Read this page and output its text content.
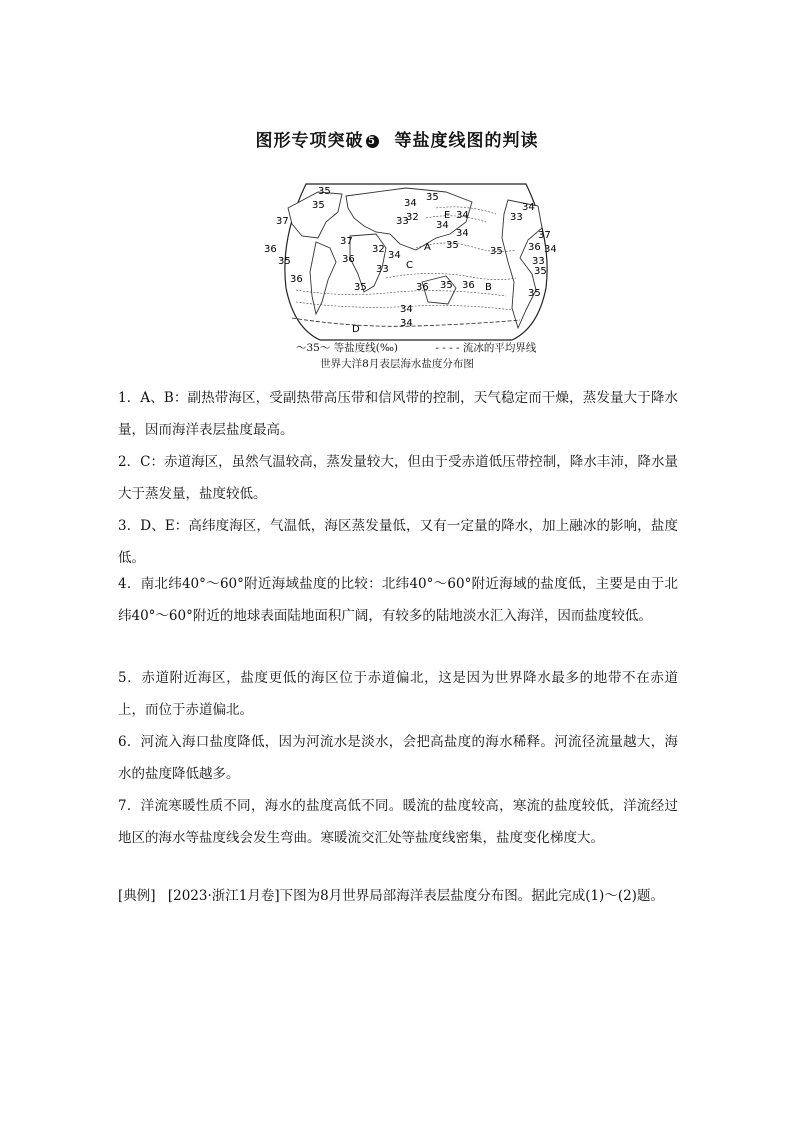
图形专项突破 5 等盐度线图的判读
A
B
C
D
E
35
35
37
36
35
36
37
36
32
33
34
35
33
32
34
35
34
35
34
34
36
35
37
36 34
33
35
33
34
35
36
35
34
34
〜35〜 等盐度线(‰)	- - - - 流冰的平均界线
世界大洋8月表层海水盐度分布图
1．A、B：副热带海区，受副热带高压带和信风带的控制，天气稳定而干燥，蒸发量大于降水量，因而海洋表层盐度最高。
2．C：赤道海区，虽然气温较高，蒸发量较大，但由于受赤道低压带控制，降水丰沛，降水量大于蒸发量，盐度较低。
3．D、E：高纬度海区，气温低，海区蒸发量低，又有一定量的降水，加上融冰的影响，盐度低。
4．南北纬40°～60°附近海域盐度的比较：北纬40°～60°附近海域的盐度低，主要是由于北纬40°～60°附近的地球表面陆地面积广阔，有较多的陆地淡水汇入海洋，因而盐度较低。
5．赤道附近海区，盐度更低的海区位于赤道偏北，这是因为世界降水最多的地带不在赤道上，而位于赤道偏北。
6．河流入海口盐度降低，因为河流水是淡水，会把高盐度的海水稀释。河流径流量越大，海水的盐度降低越多。
7．洋流寒暖性质不同，海水的盐度高低不同。暖流的盐度较高，寒流的盐度较低，洋流经过地区的海水等盐度线会发生弯曲。寒暖流交汇处等盐度线密集，盐度变化梯度大。
[典例] [2023·浙江1月卷]下图为8月世界局部海洋表层盐度分布图。据此完成(1)～(2)题。
